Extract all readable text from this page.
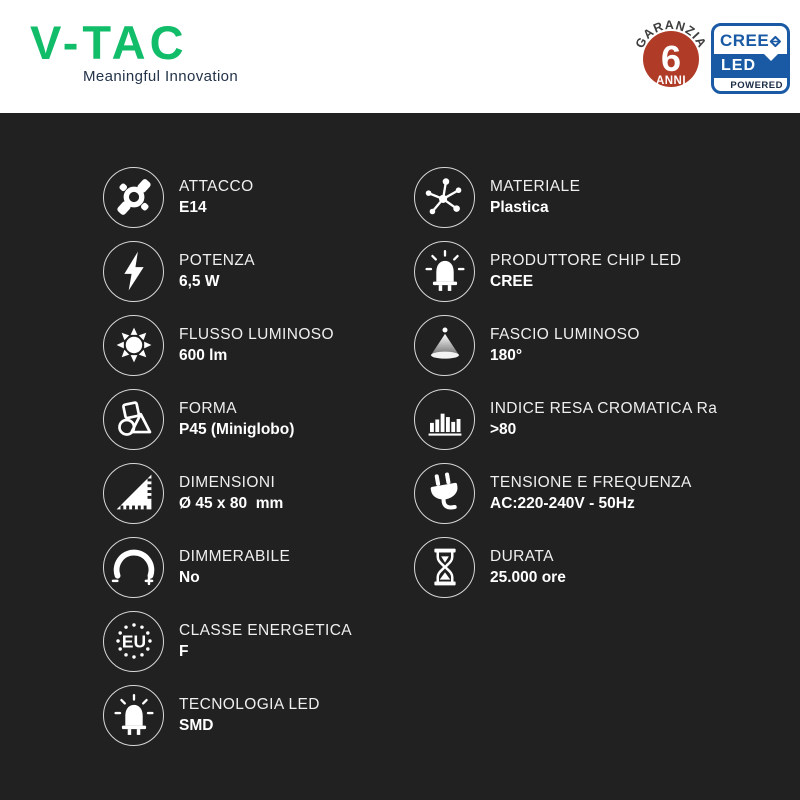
V-TAC
Meaningful Innovation
GARANZIA
6
ANNI
CREE
LED
POWERED
ATTACCO
E14
POTENZA
6,5 W
FLUSSO LUMINOSO
600 lm
FORMA
P45 (Miniglobo)
DIMENSIONI
Ø 45 x 80  mm
DIMMERABILE
No
CLASSE ENERGETICA
F
TECNOLOGIA LED
SMD
MATERIALE
Plastica
PRODUTTORE CHIP LED
CREE
FASCIO LUMINOSO
180°
INDICE RESA CROMATICA Ra
>80
TENSIONE E FREQUENZA
AC:220-240V - 50Hz
DURATA
25.000 ore
